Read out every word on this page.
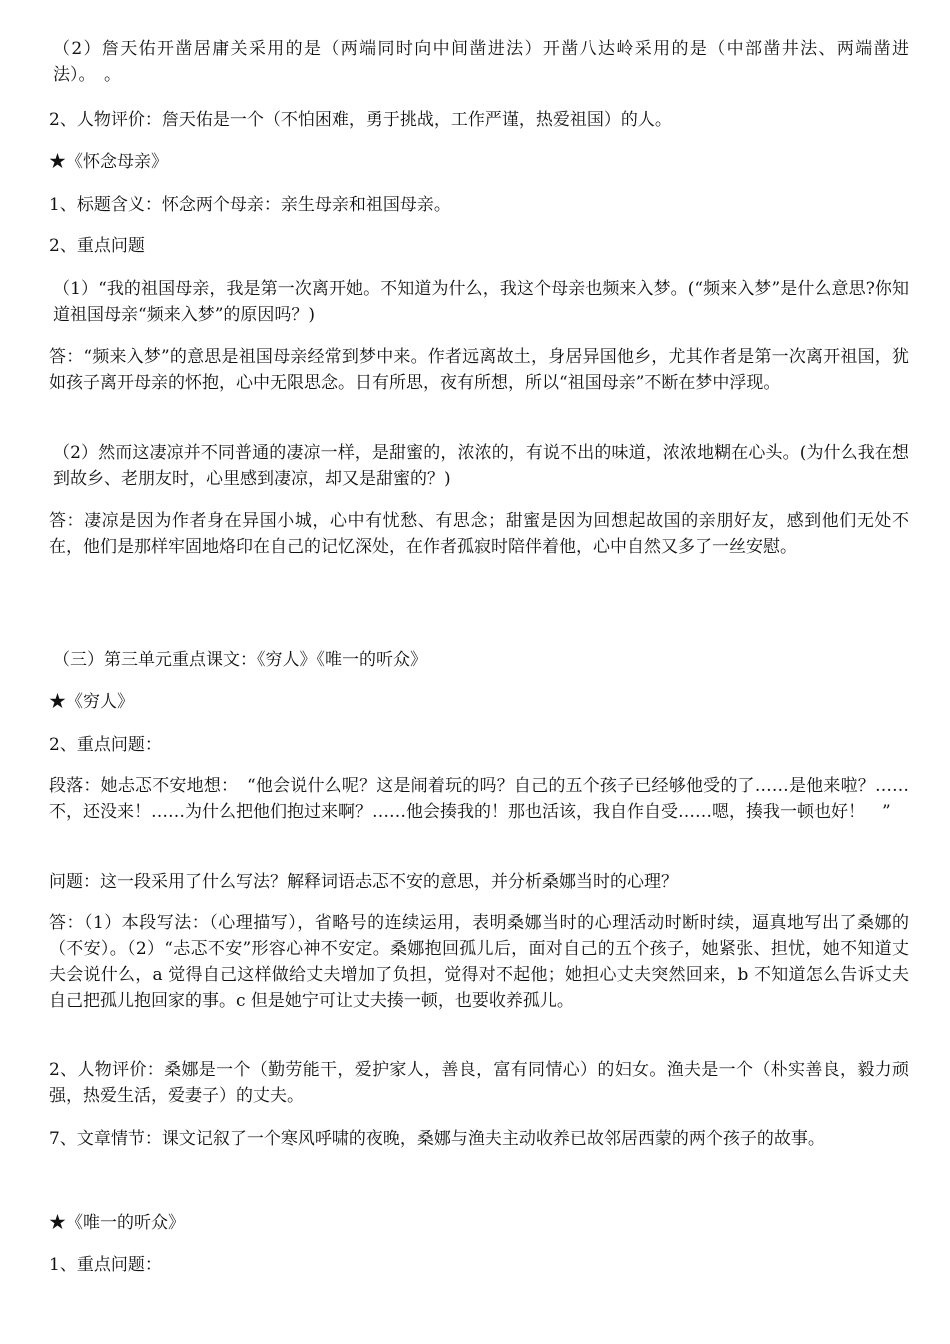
（2）詹天佑开凿居庸关采用的是（两端同时向中间凿进法）开凿八达岭采用的是（中部凿井法、两端凿进法）。　。

2、人物评价：詹天佑是一个（不怕困难，勇于挑战，工作严谨，热爱祖国）的人。

★《怀念母亲》

1、标题含义：怀念两个母亲：亲生母亲和祖国母亲。

2、重点问题

（1）“我的祖国母亲，我是第一次离开她。不知道为什么，我这个母亲也频来入梦。(“频来入梦”是什么意思?你知道祖国母亲“频来入梦”的原因吗？)

答：“频来入梦”的意思是祖国母亲经常到梦中来。作者远离故土，身居异国他乡，尤其作者是第一次离开祖国，犹如孩子离开母亲的怀抱，心中无限思念。日有所思，夜有所想，所以“祖国母亲”不断在梦中浮现。

（2）然而这凄凉并不同普通的凄凉一样，是甜蜜的，浓浓的，有说不出的味道，浓浓地糊在心头。(为什么我在想到故乡、老朋友时，心里感到凄凉，却又是甜蜜的？)

答：凄凉是因为作者身在异国小城，心中有忧愁、有思念；甜蜜是因为回想起故国的亲朋好友，感到他们无处不在，他们是那样牢固地烙印在自己的记忆深处，在作者孤寂时陪伴着他，心中自然又多了一丝安慰。

（三）第三单元重点课文：《穷人》《唯一的听众》

★《穷人》

2、重点问题：

段落：她忐忑不安地想：　“他会说什么呢？这是闹着玩的吗？自己的五个孩子已经够他受的了……是他来啦？……不，还没来！……为什么把他们抱过来啊？……他会揍我的！那也活该，我自作自受……嗯，揍我一顿也好！　”

问题：这一段采用了什么写法？解释词语忐忑不安的意思，并分析桑娜当时的心理？

答：（1）本段写法：（心理描写），省略号的连续运用，表明桑娜当时的心理活动时断时续，逼真地写出了桑娜的（不安）。（2）“忐忑不安”形容心神不安定。桑娜抱回孤儿后，面对自己的五个孩子，她紧张、担忧，她不知道丈夫会说什么，a 觉得自己这样做给丈夫增加了负担，觉得对不起他；她担心丈夫突然回来，b 不知道怎么告诉丈夫自己把孤儿抱回家的事。c 但是她宁可让丈夫揍一顿，也要收养孤儿。

2、人物评价：桑娜是一个（勤劳能干，爱护家人，善良，富有同情心）的妇女。渔夫是一个（朴实善良，毅力顽强，热爱生活，爱妻子）的丈夫。

7、文章情节：课文记叙了一个寒风呼啸的夜晚，桑娜与渔夫主动收养已故邻居西蒙的两个孩子的故事。

★《唯一的听众》

1、重点问题：
